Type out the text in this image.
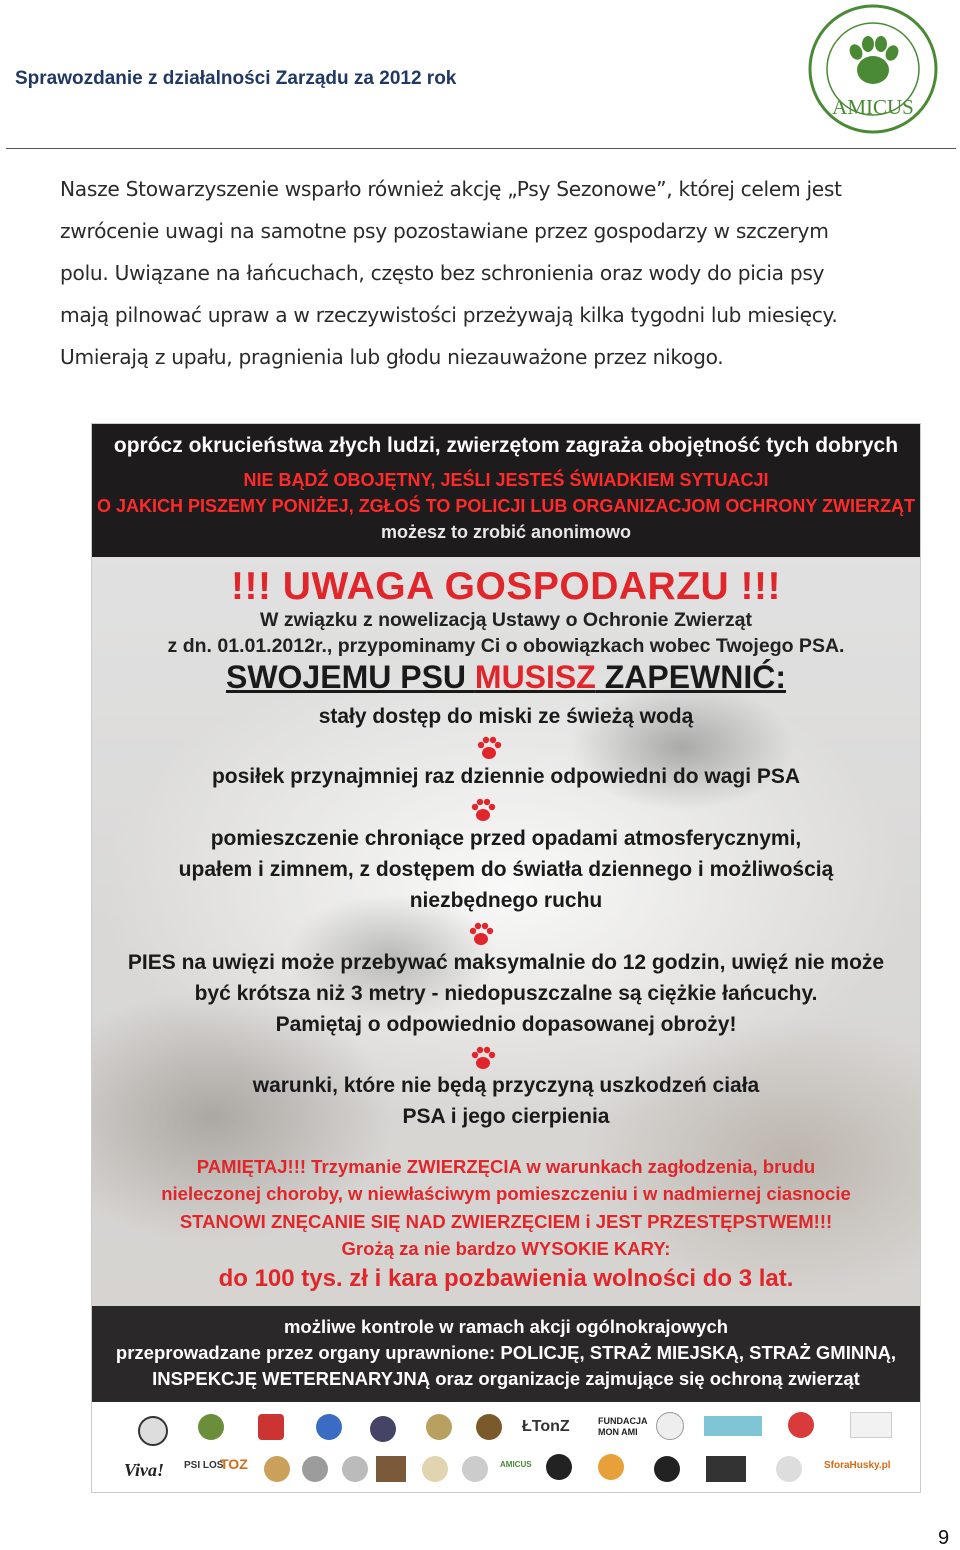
Sprawozdanie z działalności Zarządu za 2012 rok
AMICUS
Nasze Stowarzyszenie wsparło również akcję „Psy Sezonowe”, której celem jest
zwrócenie uwagi na samotne psy pozostawiane przez gospodarzy w szczerym
polu. Uwiązane na łańcuchach, często bez schronienia oraz wody do picia psy
mają pilnować upraw a w rzeczywistości przeżywają kilka tygodni lub miesięcy.
Umierają z upału, pragnienia lub głodu niezauważone przez nikogo.
oprócz okrucieństwa złych ludzi, zwierzętom zagraża obojętność tych dobrych
NIE BĄDŹ OBOJĘTNY, JEŚLI JESTEŚ ŚWIADKIEM SYTUACJI
O JAKICH PISZEMY PONIŻEJ, ZGŁOŚ TO POLICJI LUB ORGANIZACJOM OCHRONY ZWIERZĄT
możesz to zrobić anonimowo
!!! UWAGA GOSPODARZU !!!
W związku z nowelizacją Ustawy o Ochronie Zwierząt
z dn. 01.01.2012r., przypominamy Ci o obowiązkach wobec Twojego PSA.
SWOJEMU PSU MUSISZ ZAPEWNIĆ:
stały dostęp do miski ze świeżą wodą
posiłek przynajmniej raz dziennie odpowiedni do wagi PSA
pomieszczenie chroniące przed opadami atmosferycznymi,
upałem i zimnem, z dostępem do światła dziennego i możliwością
niezbędnego ruchu
PIES na uwięzi może przebywać maksymalnie do 12 godzin, uwięź nie może
być krótsza niż 3 metry - niedopuszczalne są ciężkie łańcuchy.
Pamiętaj o odpowiednio dopasowanej obroży!
warunki, które nie będą przyczyną uszkodzeń ciała
PSA i jego cierpienia
PAMIĘTAJ!!! Trzymanie ZWIERZĘCIA w warunkach zagłodzenia, brudu
nieleczonej choroby, w niewłaściwym pomieszczeniu i w nadmiernej ciasnocie
STANOWI ZNĘCANIE SIĘ NAD ZWIERZĘCIEM i JEST PRZESTĘPSTWEM!!!
Grożą za nie bardzo WYSOKIE KARY:
do 100 tys. zł i kara pozbawienia wolności do 3 lat.
możliwe kontrole w ramach akcji ogólnokrajowych
przeprowadzane przez organy uprawnione: POLICJĘ, STRAŻ MIEJSKĄ, STRAŻ GMINNĄ,
INSPEKCJĘ WETERENARYJNĄ oraz organizacje zajmujące się ochroną zwierząt
ŁTonZ	FUNDACJA MON AMI
Viva! PSI LOS
TOZ	AMICUS	SforaHusky.pl
9
